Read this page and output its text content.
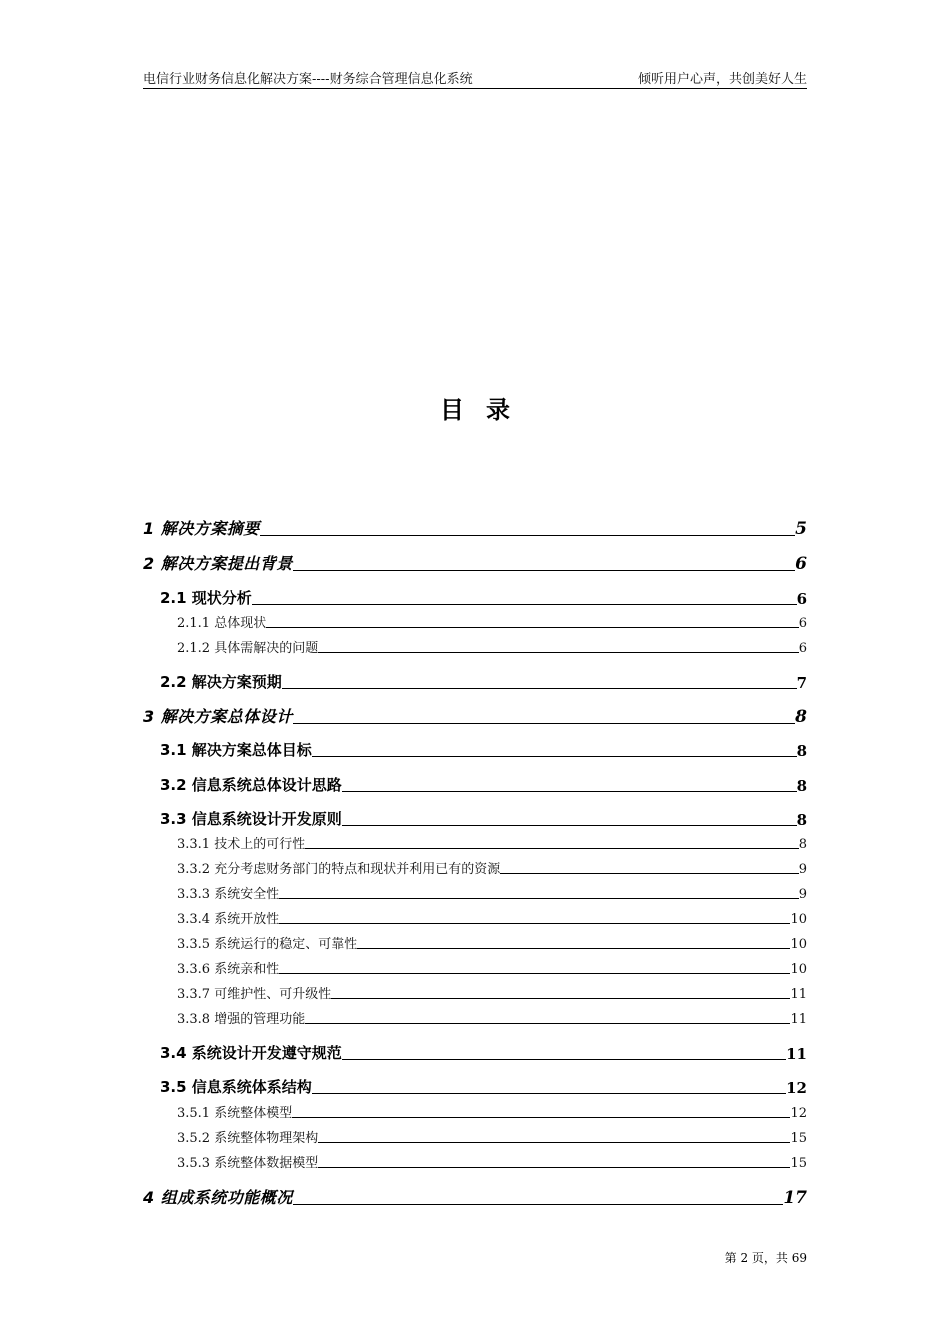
电信行业财务信息化解决方案----财务综合管理信息化系统	倾听用户心声，共创美好人生
目录
1 解决方案摘要	5
2 解决方案提出背景	6
2.1 现状分析	6
2.1.1 总体现状	6
2.1.2 具体需解决的问题	6
2.2 解决方案预期	7
3 解决方案总体设计	8
3.1 解决方案总体目标	8
3.2 信息系统总体设计思路	8
3.3 信息系统设计开发原则	8
3.3.1 技术上的可行性	8
3.3.2 充分考虑财务部门的特点和现状并利用已有的资源	9
3.3.3 系统安全性	9
3.3.4 系统开放性	10
3.3.5 系统运行的稳定、可靠性	10
3.3.6 系统亲和性	10
3.3.7 可维护性、可升级性	11
3.3.8 增强的管理功能	11
3.4 系统设计开发遵守规范	11
3.5 信息系统体系结构	12
3.5.1 系统整体模型	12
3.5.2 系统整体物理架构	15
3.5.3 系统整体数据模型	15
4 组成系统功能概况	17
第 2 页，共 69
